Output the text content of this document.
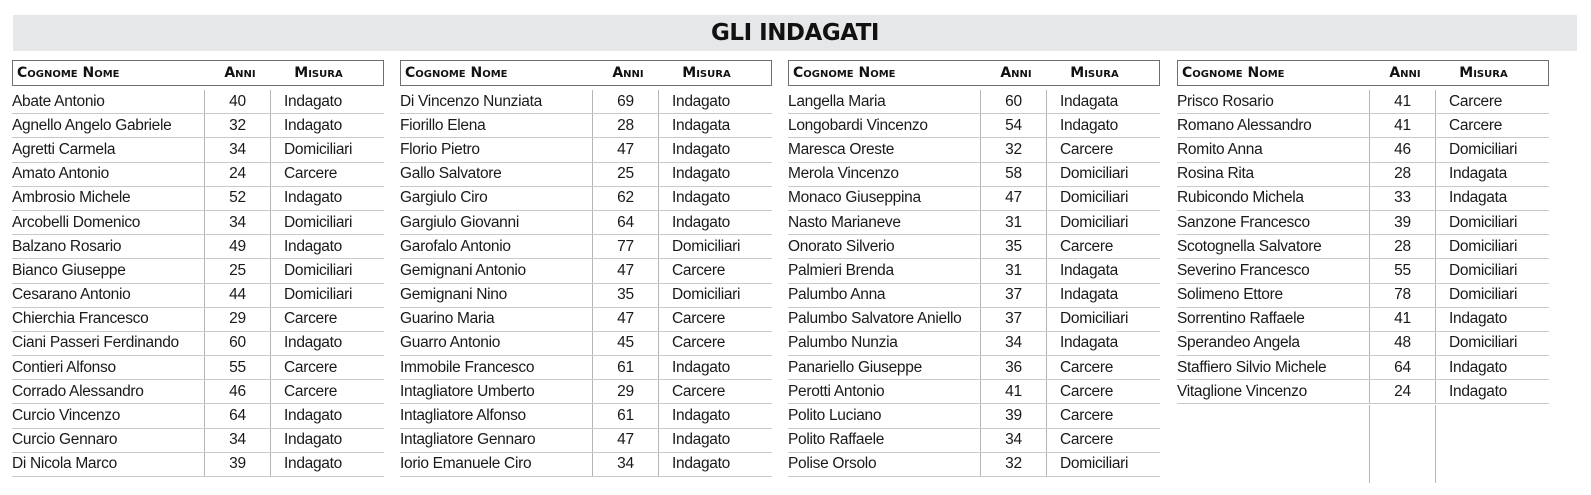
GLI INDAGATI
Cognome Nome	Anni	Misura
Abate Antonio	40	Indagato
Agnello Angelo Gabriele	32	Indagato
Agretti Carmela	34	Domiciliari
Amato Antonio	24	Carcere
Ambrosio Michele	52	Indagato
Arcobelli Domenico	34	Domiciliari
Balzano Rosario	49	Indagato
Bianco Giuseppe	25	Domiciliari
Cesarano Antonio	44	Domiciliari
Chierchia Francesco	29	Carcere
Ciani Passeri Ferdinando	60	Indagato
Contieri Alfonso	55	Carcere
Corrado Alessandro	46	Carcere
Curcio Vincenzo	64	Indagato
Curcio Gennaro	34	Indagato
Di Nicola Marco	39	Indagato
Cognome Nome	Anni	Misura
Di Vincenzo Nunziata	69	Indagato
Fiorillo Elena	28	Indagata
Florio Pietro	47	Indagato
Gallo Salvatore	25	Indagato
Gargiulo Ciro	62	Indagato
Gargiulo Giovanni	64	Indagato
Garofalo Antonio	77	Domiciliari
Gemignani Antonio	47	Carcere
Gemignani Nino	35	Domiciliari
Guarino Maria	47	Carcere
Guarro Antonio	45	Carcere
Immobile Francesco	61	Indagato
Intagliatore Umberto	29	Carcere
Intagliatore Alfonso	61	Indagato
Intagliatore Gennaro	47	Indagato
Iorio Emanuele Ciro	34	Indagato
Cognome Nome	Anni	Misura
Langella Maria	60	Indagata
Longobardi Vincenzo	54	Indagato
Maresca Oreste	32	Carcere
Merola Vincenzo	58	Domiciliari
Monaco Giuseppina	47	Domiciliari
Nasto Marianeve	31	Domiciliari
Onorato Silverio	35	Carcere
Palmieri Brenda	31	Indagata
Palumbo Anna	37	Indagata
Palumbo Salvatore Aniello	37	Domiciliari
Palumbo Nunzia	34	Indagata
Panariello Giuseppe	36	Carcere
Perotti Antonio	41	Carcere
Polito Luciano	39	Carcere
Polito Raffaele	34	Carcere
Polise Orsolo	32	Domiciliari
Cognome Nome	Anni	Misura
Prisco Rosario	41	Carcere
Romano Alessandro	41	Carcere
Romito Anna	46	Domiciliari
Rosina Rita	28	Indagata
Rubicondo Michela	33	Indagata
Sanzone Francesco	39	Domiciliari
Scotognella Salvatore	28	Domiciliari
Severino Francesco	55	Domiciliari
Solimeno Ettore	78	Domiciliari
Sorrentino Raffaele	41	Indagato
Sperandeo Angela	48	Domiciliari
Staffiero Silvio Michele	64	Indagato
Vitaglione Vincenzo	24	Indagato
